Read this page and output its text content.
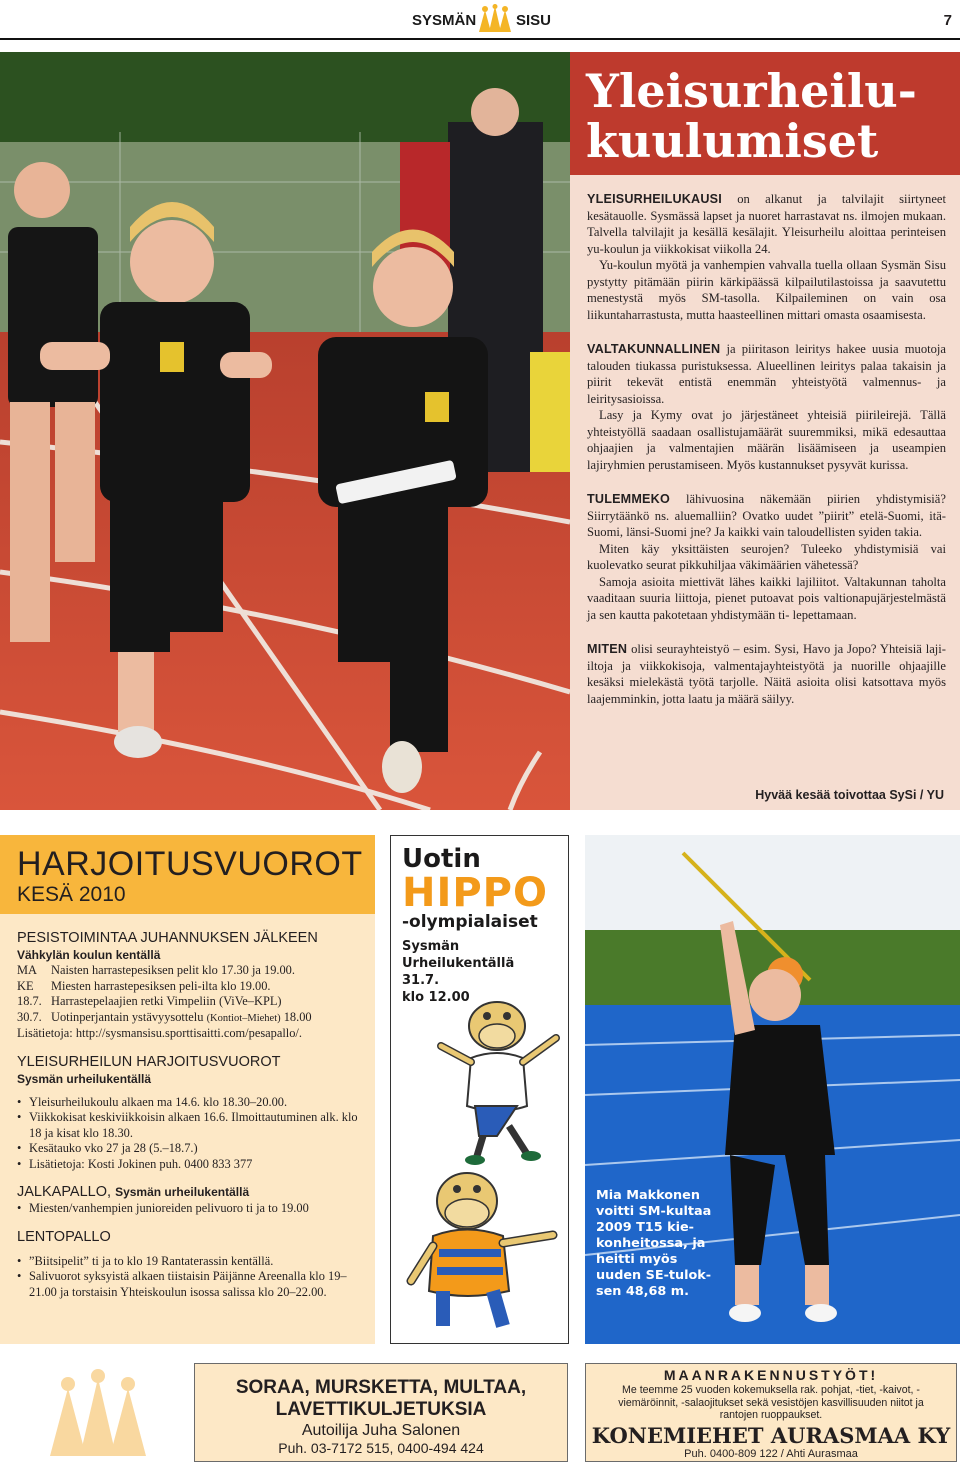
SYSMÄN	SISU	7
Yleisurheilu-
kuulumiset

YLEISURHEILUKAUSI on alkanut ja talvilajit siirtyneet kesätauolle. Sysmässä lapset ja nuoret harrastavat ns. ilmojen mukaan. Talvella talvilajit ja kesällä kesälajit. Yleisurheilu aloittaa perinteisen yu-koulun ja viikkokisat viikolla 24.

Yu-koulun myötä ja vanhempien vahvalla tuella ollaan Sysmän Sisu pystytty pitämään piirin kärkipäässä kilpailutilastoissa ja saavutettu menestystä myös SM-tasolla. Kilpaileminen on vain osa liikuntaharrastusta, mutta haasteellinen mittari omasta osaamisesta.

VALTAKUNNALLINEN ja piiritason leiritys hakee uusia muotoja talouden tiukassa puristuksessa. Alueellinen leiritys palaa takaisin ja piirit tekevät entistä enemmän yhteistyötä valmennus- ja leiritysasioissa.

Lasy ja Kymy ovat jo järjestäneet yhteisiä piirileirejä. Tällä yhteistyöllä saadaan osallistujamäärät suuremmiksi, mikä edesauttaa ohjaajien ja valmentajien määrän lisäämiseen ja useampien lajiryhmien perustamiseen. Myös kustannukset pysyvät kurissa.

TULEMMEKO lähivuosina näkemään piirien yhdistymisiä? Siirrytäänkö ns. aluemalliin? Ovatko uudet ”piirit” etelä-Suomi, itä-Suomi, länsi-Suomi jne? Ja kaikki vain taloudellisten syiden takia.

Miten käy yksittäisten seurojen? Tuleeko yhdistymisiä vai kuolevatko seurat pikkuhiljaa väkimäärien vähetessä?

Samoja asioita miettivät lähes kaikki lajiliitot. Valtakunnan taholta vaaditaan suuria liittoja, pienet putoavat pois valtionapujärjestelmästä ja sen kautta pakotetaan yhdistymään ti- lepettamaan.

MITEN olisi seurayhteistyö – esim. Sysi, Havo ja Jopo? Yhteisiä laji-iltoja ja viikkokisoja, valmentajayhteistyötä ja nuorille ohjaajille kesäksi mielekästä työtä tarjolle. Näitä asioita olisi katsottava myös laajemminkin, jotta laatu ja määrä säilyy.

Hyvää kesää toivottaa SySi / YU
HARJOITUSVUOROT
KESÄ 2010
PESISTOIMINTAA JUHANNUKSEN JÄLKEEN
Vähkylän koulun kentällä
MA Naisten harrastepesiksen pelit klo 17.30 ja 19.00.
KE Miesten harrastepesiksen peli-ilta klo 19.00.
18.7. Harrastepelaajien retki Vimpeliin (ViVe–KPL)
30.7. Uotinperjantain ystävyysottelu (Kontiot–Miehet) 18.00
Lisätietoja: http://sysmansisu.sporttisaitti.com/pesapallo/.
YLEISURHEILUN HARJOITUSVUOROT
Sysmän urheilukentällä
• Yleisurheilukoulu alkaen ma 14.6. klo 18.30–20.00.
• Viikkokisat keskiviikkoisin alkaen 16.6. Ilmoittautuminen alk. klo 18 ja kisat klo 18.30.
• Kesätauko vko 27 ja 28 (5.–18.7.)
• Lisätietoja: Kosti Jokinen puh. 0400 833 377
JALKAPALLO, Sysmän urheilukentällä
• Miesten/vanhempien junioreiden pelivuoro ti ja to 19.00
LENTOPALLO
• ”Biitsipelit” ti ja to klo 19 Rantaterassin kentällä.
• Salivuorot syksyistä alkaen tiistaisin Päijänne Areenalla klo 19–21.00 ja torstaisin Yhteiskoulun isossa salissa klo 20–22.00.
Uotin
HIPPO
-olympialaiset
Sysmän
Urheilukentällä
31.7.
klo 12.00
Mia Makkonen voitti SM-kultaa 2009 T15 kie- konheitossa, ja heitti myös uuden SE-tulok- sen 48,68 m.
SORAA, MURSKETTA, MULTAA,
LAVETTIKULJETUKSIA
Autoilija Juha Salonen
Puh. 03-7172 515, 0400-494 424
MAANRAKENNUSTYÖT!
Me teemme 25 vuoden kokemuksella rak. pohjat, -tiet, -kaivot, -viemäröinnit, -salaojitukset sekä vesistöjen kasvillisuuden niitot ja rantojen ruoppaukset.
KONEMIEHET AURASMAA KY
Puh. 0400-809 122 / Ahti Aurasmaa
